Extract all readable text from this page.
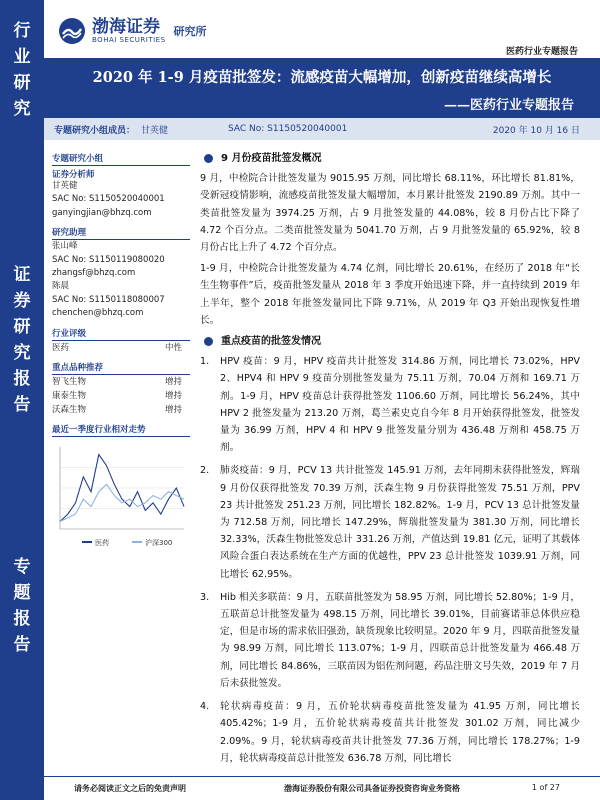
行
业
研
究
证
券
研
究
报
告
专
题
报
告
渤海证券
BOHAI SECURITIES
研究所
医药行业专题报告
2020 年 1-9 月疫苗批签发：流感疫苗大幅增加，创新疫苗继续高增长
——医药行业专题报告
专题研究小组成员： 甘英健	SAC No: S1150520040001	2020 年 10 月 16 日
专题研究小组
证券分析师
甘英健
SAC No: S1150520040001
ganyingjian@bhzq.com
研究助理
张山峰
SAC No: S1150119080020
zhangsf@bhzq.com
陈晨
SAC No: S1150118080007
chenchen@bhzq.com
行业评级
医药	中性
重点品种推荐
智飞生物	增持
康泰生物	增持
沃森生物	增持
最近一季度行业相对走势
医药	沪深300
9 月份疫苗批签发概况

9 月，中检院合计批签发量为 9015.95 万剂，同比增长 68.11%，环比增长 81.81%，受新冠疫情影响，流感疫苗批签发量大幅增加，本月累计批签发 2190.89 万剂。其中一类苗批签发量为 3974.25 万剂，占 9 月批签发量的 44.08%，较 8 月份占比下降了 4.72 个百分点。二类苗批签发量为 5041.70 万剂，占 9 月批签发量的 65.92%，较 8 月份占比上升了 4.72 个百分点。

1-9 月，中检院合计批签发量为 4.74 亿剂，同比增长 20.61%，在经历了 2018 年“长生生物事件”后，疫苗批签发量从 2018 年 3 季度开始迅速下降，并一直持续到 2019 年上半年，整个 2018 年批签发量同比下降 9.71%，从 2019 年 Q3 开始出现恢复性增长。

重点疫苗的批签发情况
1.	HPV 疫苗：9 月，HPV 疫苗共计批签发 314.86 万剂，同比增长 73.02%，HPV 2、HPV4 和 HPV 9 疫苗分别批签发量为 75.11 万剂，70.04 万剂和 169.71 万剂。1-9 月，HPV 疫苗总计获得批签发 1106.60 万剂，同比增长 56.24%，其中 HPV 2 批签发量为 213.20 万剂，葛兰素史克自今年 8 月开始获得批签发，批签发量为 36.99 万剂，HPV 4 和 HPV 9 批签发量分别为 436.48 万剂和 458.75 万剂。
2.	肺炎疫苗：9 月，PCV 13 共计批签发 145.91 万剂，去年同期未获得批签发，辉瑞 9 月份仅获得批签发 70.39 万剂，沃森生物 9 月份获得批签发 75.51 万剂，PPV 23 共计批签发 251.23 万剂，同比增长 182.82%。1-9 月，PCV 13 总计批签发量为 712.58 万剂，同比增长 147.29%，辉瑞批签发量为 381.30 万剂，同比增长 32.33%，沃森生物批签发总计 331.26 万剂，产值达到 19.81 亿元，证明了其载体风险合蛋白表达系统在生产方面的优越性，PPV 23 总计批签发 1039.91 万剂，同比增长 62.95%。
3.	Hib 相关多联苗：9 月，五联苗批签发为 58.95 万剂，同比增长 52.80%；1-9 月，五联苗总计批签发量为 498.15 万剂，同比增长 39.01%，目前赛诺菲总体供应稳定，但是市场的需求依旧强劲，缺货现象比较明显。2020 年 9 月，四联苗批签发量为 98.99 万剂，同比增长 113.07%；1-9 月，四联苗总计批签发量为 466.48 万剂，同比增长 84.86%，三联苗因为铝佐剂问题，药品注册文号失效，2019 年 7 月后未获批签发。
4.	轮状病毒疫苗：9 月，五价轮状病毒疫苗批签发量为 41.95 万剂，同比增长 405.42%；1-9 月，五价轮状病毒疫苗共计批签发 301.02 万剂，同比减少 2.09%。9 月，轮状病毒疫苗共计批签发 77.36 万剂，同比增长 178.27%；1-9 月，轮状病毒疫苗总计批签发 636.78 万剂，同比增长
请务必阅读正文之后的免责声明	渤海证券股份有限公司具备证券投资咨询业务资格	1 of 27
